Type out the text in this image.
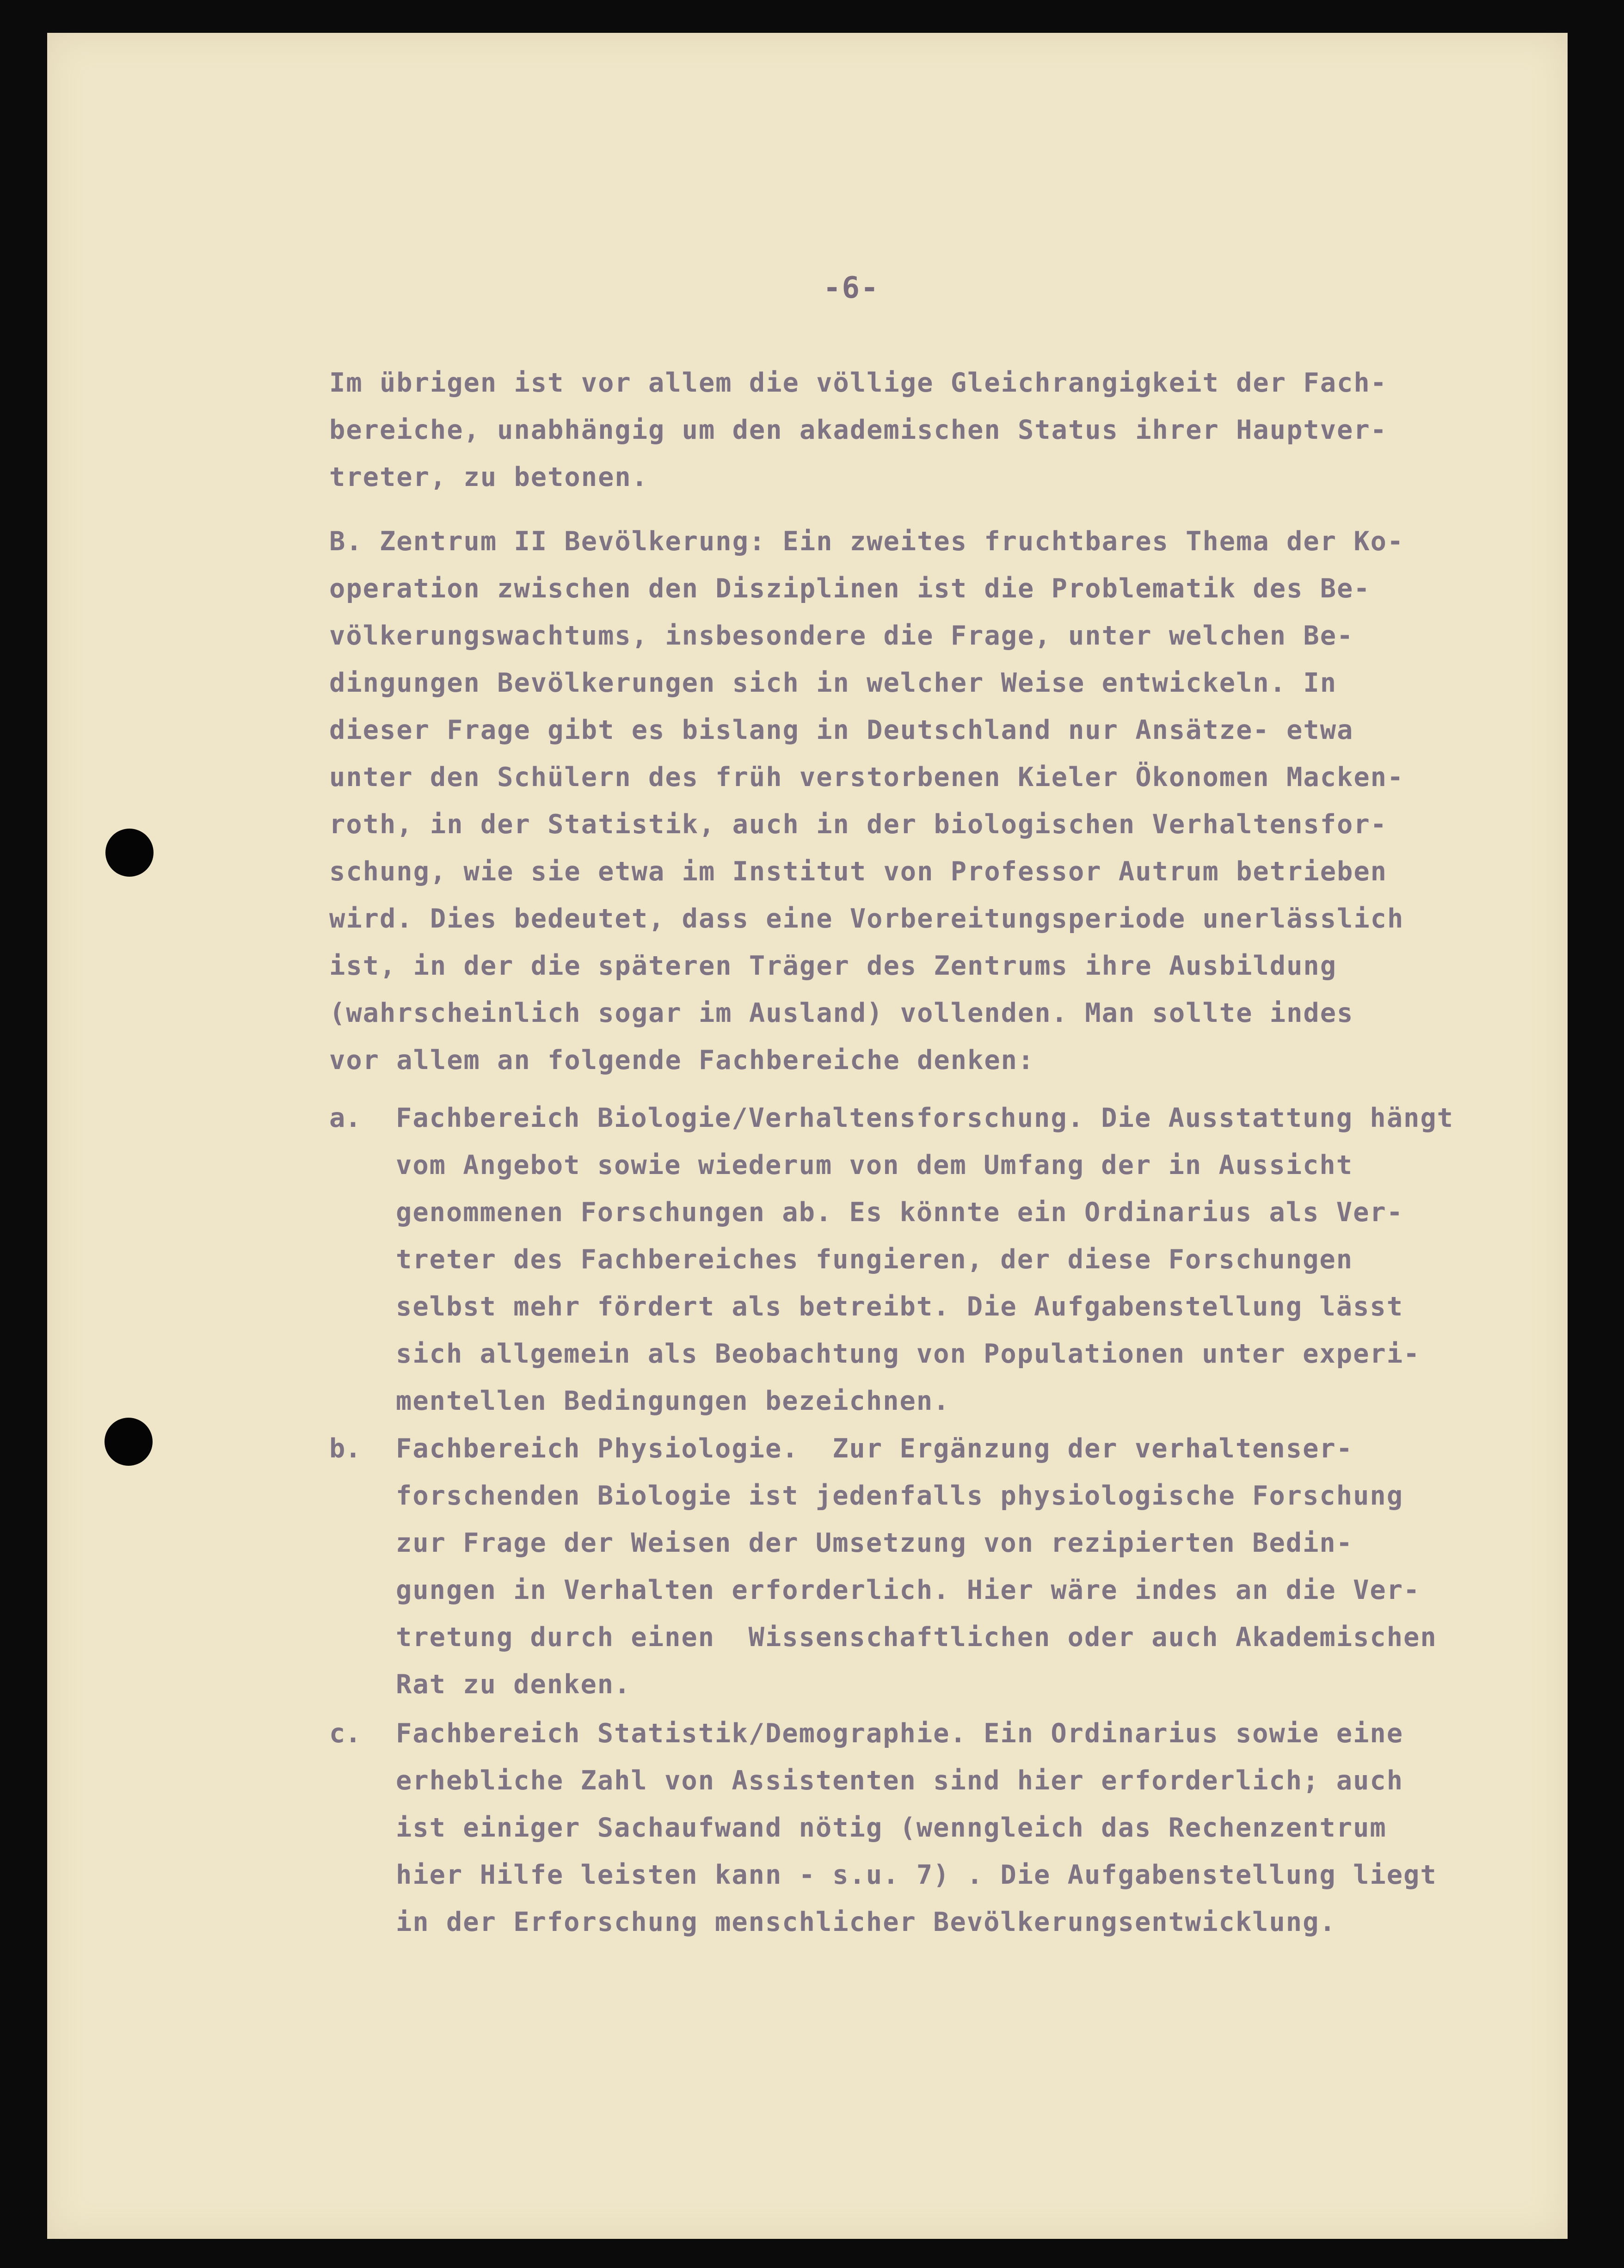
-6-
Im übrigen ist vor allem die völlige Gleichrangigkeit der Fach-
bereiche, unabhängig um den akademischen Status ihrer Hauptver-
treter, zu betonen.
B. Zentrum II Bevölkerung: Ein zweites fruchtbares Thema der Ko-
operation zwischen den Disziplinen ist die Problematik des Be-
völkerungswachtums, insbesondere die Frage, unter welchen Be-
dingungen Bevölkerungen sich in welcher Weise entwickeln. In
dieser Frage gibt es bislang in Deutschland nur Ansätze- etwa
unter den Schülern des früh verstorbenen Kieler Ökonomen Macken-
roth, in der Statistik, auch in der biologischen Verhaltensfor-
schung, wie sie etwa im Institut von Professor Autrum betrieben
wird. Dies bedeutet, dass eine Vorbereitungsperiode unerlässlich
ist, in der die späteren Träger des Zentrums ihre Ausbildung
(wahrscheinlich sogar im Ausland) vollenden. Man sollte indes
vor allem an folgende Fachbereiche denken:
a. Fachbereich Biologie/Verhaltensforschung. Die Ausstattung hängt
vom Angebot sowie wiederum von dem Umfang der in Aussicht
genommenen Forschungen ab. Es könnte ein Ordinarius als Ver-
treter des Fachbereiches fungieren, der diese Forschungen
selbst mehr fördert als betreibt. Die Aufgabenstellung lässt
sich allgemein als Beobachtung von Populationen unter experi-
mentellen Bedingungen bezeichnen.
b. Fachbereich Physiologie.  Zur Ergänzung der verhaltenser-
forschenden Biologie ist jedenfalls physiologische Forschung
zur Frage der Weisen der Umsetzung von rezipierten Bedin-
gungen in Verhalten erforderlich. Hier wäre indes an die Ver-
tretung durch einen  Wissenschaftlichen oder auch Akademischen
Rat zu denken.
c. Fachbereich Statistik/Demographie. Ein Ordinarius sowie eine
erhebliche Zahl von Assistenten sind hier erforderlich; auch
ist einiger Sachaufwand nötig (wenngleich das Rechenzentrum
hier Hilfe leisten kann - s.u. 7) . Die Aufgabenstellung liegt
in der Erforschung menschlicher Bevölkerungsentwicklung.
